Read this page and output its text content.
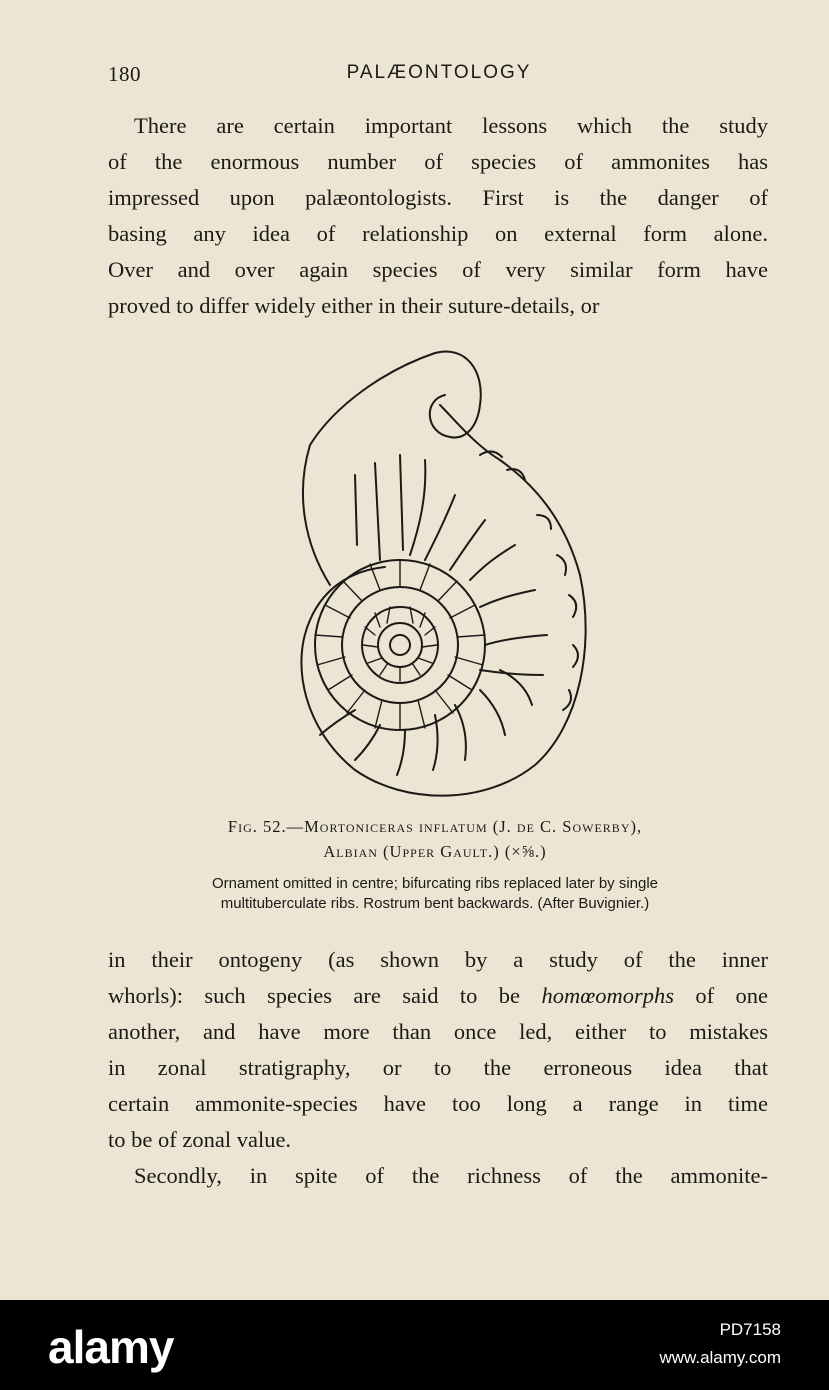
180	PALÆONTOLOGY

There are certain important lessons which the study
of the enormous number of species of ammonites has
impressed upon palæontologists. First is the danger of
basing any idea of relationship on external form alone.
Over and over again species of very similar form have
proved to differ widely either in their suture-details, or

Fig. 52.—Mortoniceras inflatum (J. de C. Sowerby),
Albian (Upper Gault.) (×⅝.)
Ornament omitted in centre; bifurcating ribs replaced later by single
multituberculate ribs. Rostrum bent backwards. (After Buvignier.)

in their ontogeny (as shown by a study of the inner
whorls): such species are said to be homœomorphs of one
another, and have more than once led, either to mistakes
in zonal stratigraphy, or to the erroneous idea that
certain ammonite-species have too long a range in time
to be of zonal value.

Secondly, in spite of the richness of the ammonite-

alamy	PD7158
www.alamy.com
